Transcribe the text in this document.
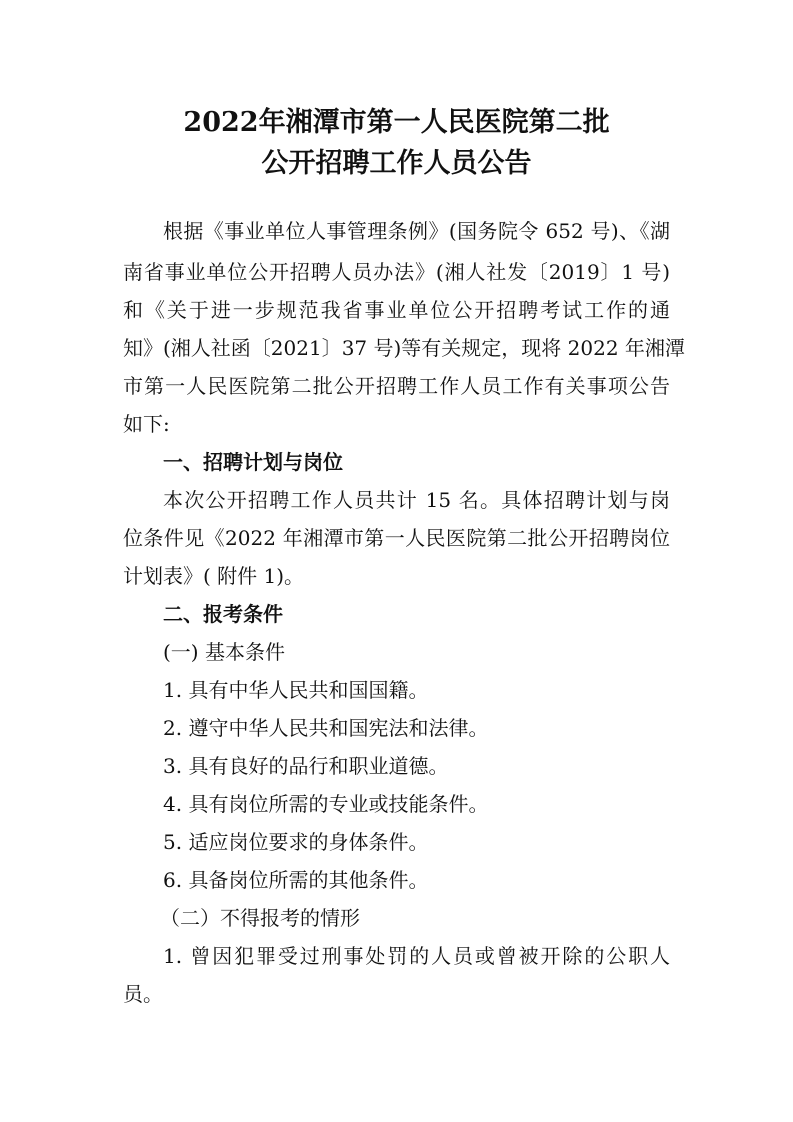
2022年湘潭市第一人民医院第二批
公开招聘工作人员公告
根据《事业单位人事管理条例》(国务院令 652 号)、《湖
南省事业单位公开招聘人员办法》(湘人社发〔2019〕1 号)
和《关于进一步规范我省事业单位公开招聘考试工作的通
知》(湘人社函〔2021〕37 号)等有关规定，现将 2022 年湘潭
市第一人民医院第二批公开招聘工作人员工作有关事项公告
如下:
一、招聘计划与岗位
本次公开招聘工作人员共计 15 名。具体招聘计划与岗
位条件见《2022 年湘潭市第一人民医院第二批公开招聘岗位
计划表》( 附件 1)。
二、报考条件
(一) 基本条件
1. 具有中华人民共和国国籍。
2. 遵守中华人民共和国宪法和法律。
3. 具有良好的品行和职业道德。
4. 具有岗位所需的专业或技能条件。
5. 适应岗位要求的身体条件。
6. 具备岗位所需的其他条件。
（二）不得报考的情形
1. 曾因犯罪受过刑事处罚的人员或曾被开除的公职人
员。
